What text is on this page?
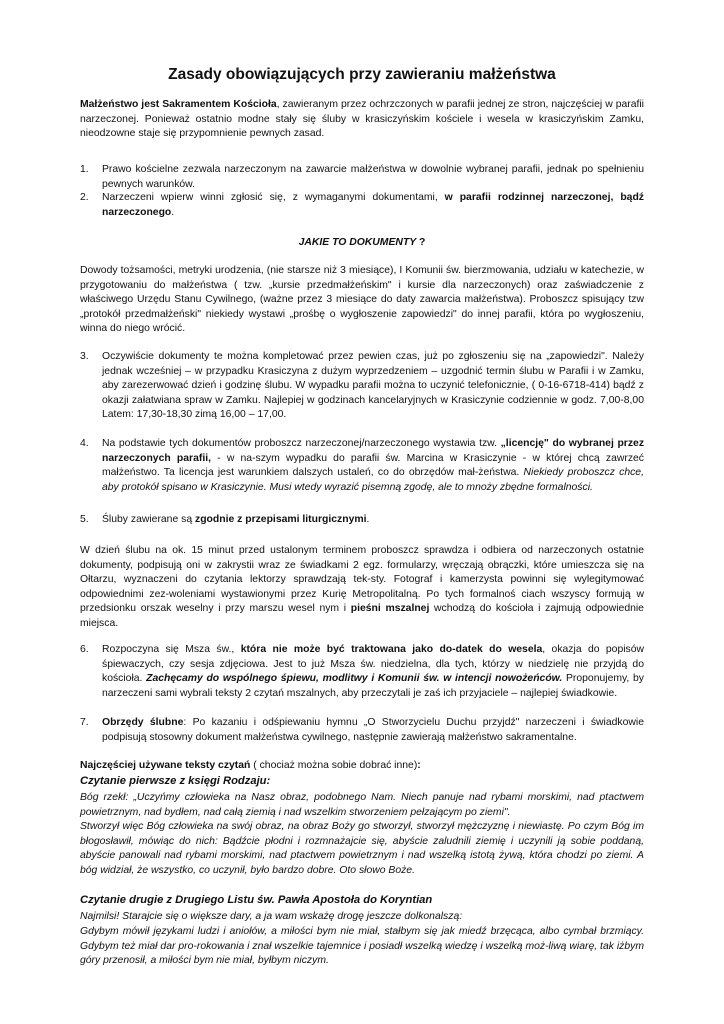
Zasady obowiązujących przy zawieraniu małżeństwa

Małżeństwo jest Sakramentem Kościoła, zawieranym przez ochrzczonych w parafii jednej ze stron, najczęściej w parafii narzeczonej. Ponieważ ostatnio modne stały się śluby w krasiczyńskim kościele i wesela w krasiczyńskim Zamku, nieodzowne staje się przypomnienie pewnych zasad.

1. Prawo kościelne zezwala narzeczonym na zawarcie małżeństwa w dowolnie wybranej parafii, jednak po spełnieniu pewnych warunków.
2. Narzeczeni wpierw winni zgłosić się, z wymaganymi dokumentami, w parafii rodzinnej narzeczonej, bądź narzeczonego.
JAKIE TO DOKUMENTY ?

Dowody tożsamości, metryki urodzenia, (nie starsze niż 3 miesiące), I Komunii św. bierzmowania, udziału w katechezie, w przygotowaniu do małżeństwa ( tzw. „kursie przedmałżeńskim" i kursie dla narzeczonych) oraz zaświadczenie z właściwego Urzędu Stanu Cywilnego, (ważne przez 3 miesiące do daty zawarcia małżeństwa). Proboszcz spisujący tzw „protokół przedmałżeński" niekiedy wystawi „prośbę o wygłoszenie zapowiedzi" do innej parafii, która po wygłoszeniu, winna do niego wrócić.

3. Oczywiście dokumenty te można kompletować przez pewien czas, już po zgłoszeniu się na „zapowiedzi". Należy jednak wcześniej – w przypadku Krasiczyna z dużym wyprzedzeniem – uzgodnić termin ślubu w Parafii i w Zamku, aby zarezerwować dzień i godzinę ślubu. W wypadku parafii można to uczynić telefonicznie, ( 0-16-6718-414) bądź z okazji załatwiana spraw w Zamku. Najlepiej w godzinach kancelaryjnych w Krasiczynie codziennie w godz. 7,00-8,00 Latem: 17,30-18,30 zimą 16,00 – 17,00.
4. Na podstawie tych dokumentów proboszcz narzeczonej/narzeczonego wystawia tzw. „licencję" do wybranej przez narzeczonych parafii, - w na-szym wypadku do parafii św. Marcina w Krasiczynie - w której chcą zawrzeć małżeństwo. Ta licencja jest warunkiem dalszych ustaleń, co do obrzędów mał-żeństwa. Niekiedy proboszcz chce, aby protokół spisano w Krasiczynie. Musi wtedy wyrazić pisemną zgodę, ale to mnoży zbędne formalności.
5. Śluby zawierane są zgodnie z przepisami liturgicznymi.

W dzień ślubu na ok. 15 minut przed ustalonym terminem proboszcz sprawdza i odbiera od narzeczonych ostatnie dokumenty, podpisują oni w zakrystii wraz ze świadkami 2 egz. formularzy, wręczają obrączki, które umieszcza się na Ołtarzu, wyznaczeni do czytania lektorzy sprawdzają tek-sty. Fotograf i kamerzysta powinni się wylegitymować odpowiednimi zez-woleniami wystawionymi przez Kurię Metropolitalną. Po tych formalnoś ciach wszyscy formują w przedsionku orszak weselny i przy marszu wesel nym i pieśni mszalnej wchodzą do kościoła i zajmują odpowiednie miejsca.

6. Rozpoczyna się Msza św., która nie może być traktowana jako do-datek do wesela, okazja do popisów śpiewaczych, czy sesja zdjęciowa. Jest to już Msza św. niedzielna, dla tych, którzy w niedzielę nie przyjdą do kościoła. Zachęcamy do wspólnego śpiewu, modlitwy i Komunii św. w intencji nowożeńców. Proponujemy, by narzeczeni sami wybrali teksty 2 czytań mszalnych, aby przeczytali je zaś ich przyjaciele – najlepiej świadkowie.
7. Obrzędy ślubne: Po kazaniu i odśpiewaniu hymnu „O Stworzycielu Duchu przyjdź" narzeczeni i świadkowie podpisują stosowny dokument małżeństwa cywilnego, następnie zawierają małżeństwo sakramentalne.
Najczęściej używane teksty czytań ( chociaż można sobie dobrać inne):
Czytanie pierwsze z księgi Rodzaju:

Bóg rzekł: „Uczyńmy człowieka na Nasz obraz, podobnego Nam. Niech panuje nad rybami morskimi, nad ptactwem powietrznym, nad bydłem, nad całą ziemią i nad wszelkim stworzeniem pełzającym po ziemi".

Stworzył więc Bóg człowieka na swój obraz, na obraz Boży go stworzył, stworzył mężczyznę i niewiastę. Po czym Bóg im błogosławił, mówiąc do nich: Bądźcie płodni i rozmnażajcie się, abyście zaludnili ziemię i uczynili ją sobie poddaną, abyście panowali nad rybami morskimi, nad ptactwem powietrznym i nad wszelką istotą żywą, która chodzi po ziemi. A bóg widział, że wszystko, co uczynił, było bardzo dobre. Oto słowo Boże.

Czytanie drugie z Drugiego Listu św. Pawła Apostoła do Koryntian

Najmilsi! Starajcie się o większe dary, a ja wam wskażę drogę jeszcze dolkonalszą:

Gdybym mówił językami ludzi i aniołów, a miłości bym nie miał, stałbym się jak miedź brzęcąca, albo cymbał brzmiący. Gdybym też miał dar pro-rokowania i znał wszelkie tajemnice i posiadł wszelką wiedzę i wszelką moż-liwą wiarę, tak iżbym góry przenosił, a miłości bym nie miał, byłbym niczym.
